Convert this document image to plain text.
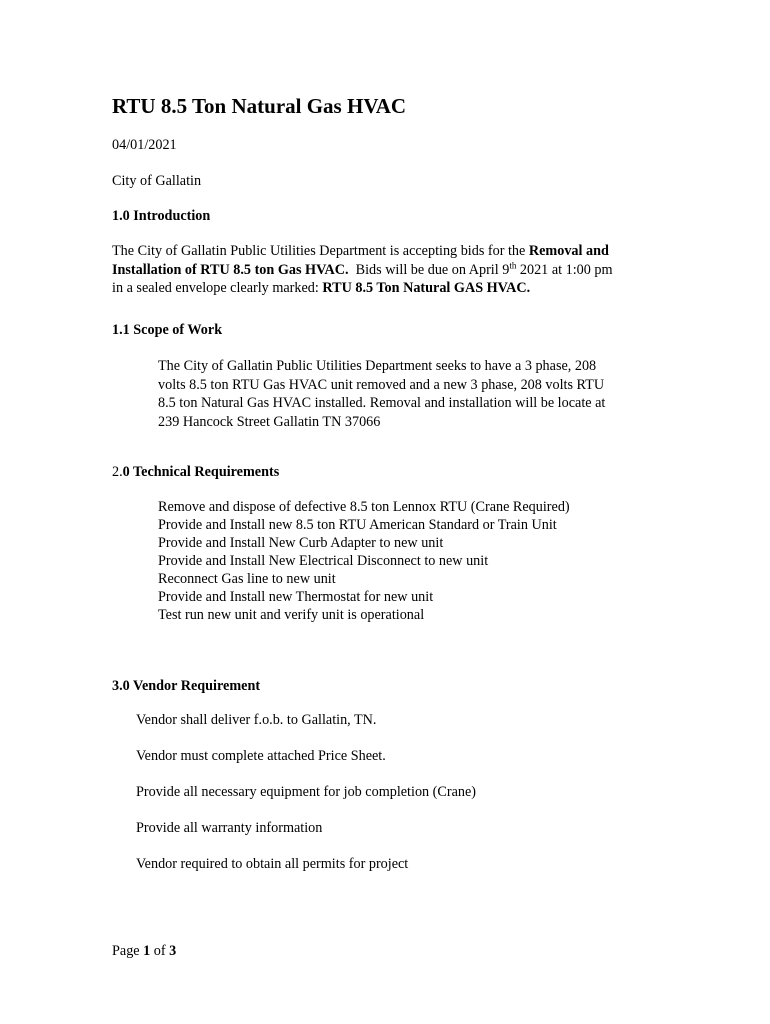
RTU 8.5 Ton Natural Gas HVAC
04/01/2021
City of Gallatin
1.0 Introduction
The City of Gallatin Public Utilities Department is accepting bids for the Removal and
Installation of RTU 8.5 ton Gas HVAC.  Bids will be due on April 9th 2021 at 1:00 pm
in a sealed envelope clearly marked: RTU 8.5 Ton Natural GAS HVAC.
1.1 Scope of Work
The City of Gallatin Public Utilities Department seeks to have a 3 phase, 208
volts 8.5 ton RTU Gas HVAC unit removed and a new 3 phase, 208 volts RTU
8.5 ton Natural Gas HVAC installed. Removal and installation will be locate at
239 Hancock Street Gallatin TN 37066
2.0 Technical Requirements
Remove and dispose of defective 8.5 ton Lennox RTU (Crane Required)
Provide and Install new 8.5 ton RTU American Standard or Train Unit
Provide and Install New Curb Adapter to new unit
Provide and Install New Electrical Disconnect to new unit
Reconnect Gas line to new unit
Provide and Install new Thermostat for new unit
Test run new unit and verify unit is operational
3.0 Vendor Requirement
Vendor shall deliver f.o.b. to Gallatin, TN.
Vendor must complete attached Price Sheet.
Provide all necessary equipment for job completion (Crane)
Provide all warranty information
Vendor required to obtain all permits for project
Page 1 of 3
